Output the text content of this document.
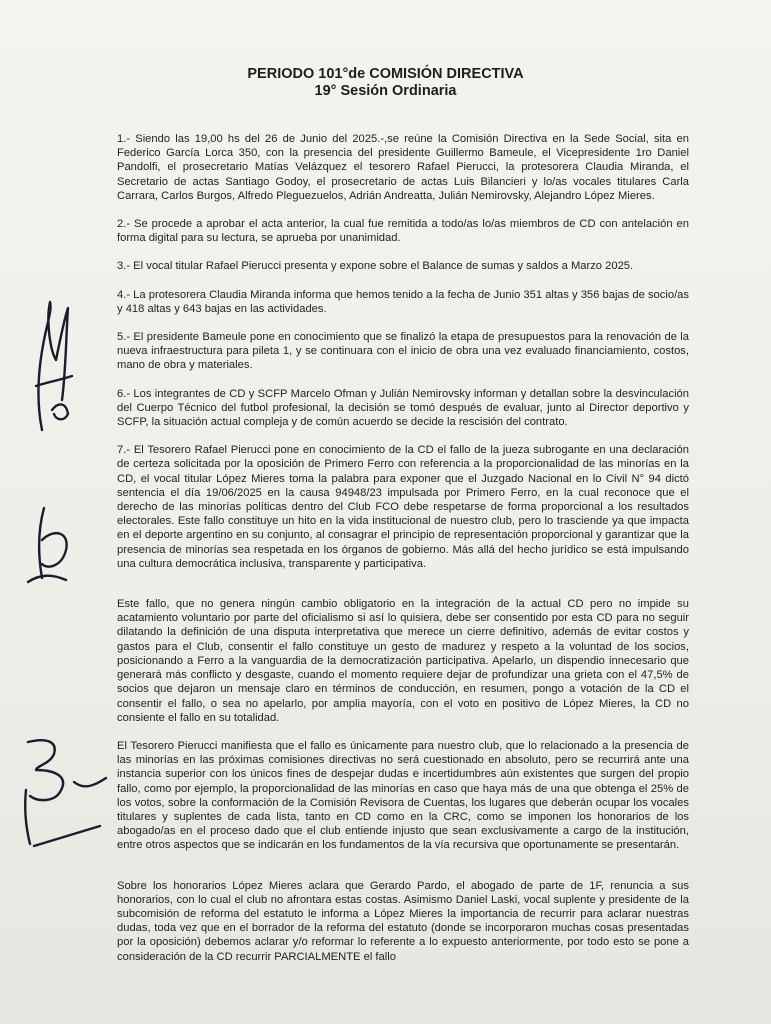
PERIODO 101°de COMISIÓN DIRECTIVA
19° Sesión Ordinaria

1.- Siendo las 19,00 hs del 26 de Junio del 2025.-,se reúne la Comisión Directiva en la Sede Social, sita en Federico García Lorca 350, con la presencia del presidente Guillermo Bameule, el Vicepresidente 1ro Daniel Pandolfi, el prosecretario Matías Velázquez el tesorero Rafael Pierucci, la protesorera Claudia Miranda, el Secretario de actas Santiago Godoy, el prosecretario de actas Luis Bilancieri y lo/as vocales titulares Carla Carrara, Carlos Burgos, Alfredo Pleguezuelos, Adrián Andreatta, Julián Nemirovsky, Alejandro López Mieres.

2.- Se procede a aprobar el acta anterior, la cual fue remitida a todo/as lo/as miembros de CD con antelación en forma digital para su lectura, se aprueba por unanimidad.

3.- El vocal titular Rafael Pierucci presenta y expone sobre el Balance de sumas y saldos a Marzo 2025.

4.- La protesorera Claudia Miranda informa que hemos tenido a la fecha de Junio 351 altas y 356 bajas de socio/as y 418 altas y 643 bajas en las actividades.

5.- El presidente Bameule pone en conocimiento que se finalizó la etapa de presupuestos para la renovación de la nueva infraestructura para pileta 1, y se continuara con el inicio de obra una vez evaluado financiamiento, costos, mano de obra y materiales.

6.- Los integrantes de CD y SCFP Marcelo Ofman y Julián Nemirovsky informan y detallan sobre la desvinculación del Cuerpo Técnico del futbol profesional, la decisión se tomó después de evaluar, junto al Director deportivo y SCFP, la situación actual compleja y de común acuerdo se decide la rescisión del contrato.

7.- El Tesorero Rafael Pierucci pone en conocimiento de la CD el fallo de la jueza subrogante en una declaración de certeza solicitada por la oposición de Primero Ferro con referencia a la proporcionalidad de las minorías en la CD, el vocal titular López Mieres toma la palabra para exponer que el Juzgado Nacional en lo Civil N° 94 dictó sentencia el día 19/06/2025 en la causa 94948/23 impulsada por Primero Ferro, en la cual reconoce que el derecho de las minorías políticas dentro del Club FCO debe respetarse de forma proporcional a los resultados electorales. Este fallo constituye un hito en la vida institucional de nuestro club, pero lo trasciende ya que impacta en el deporte argentino en su conjunto, al consagrar el principio de representación proporcional y garantizar que la presencia de minorías sea respetada en los órganos de gobierno. Más allá del hecho jurídico se está impulsando una cultura democrática inclusiva, transparente y participativa.

Este fallo, que no genera ningún cambio obligatorio en la integración de la actual CD pero no impide su acatamiento voluntario por parte del oficialismo si así lo quisiera, debe ser consentido por esta CD para no seguir dilatando la definición de una disputa interpretativa que merece un cierre definitivo, además de evitar costos y gastos para el Club, consentir el fallo constituye un gesto de madurez y respeto a la voluntad de los socios, posicionando a Ferro a la vanguardia de la democratización participativa. Apelarlo, un dispendio innecesario que generará más conflicto y desgaste, cuando el momento requiere dejar de profundizar una grieta con el 47,5% de socios que dejaron un mensaje claro en términos de conducción, en resumen, pongo a votación de la CD el consentir el fallo, o sea no apelarlo, por amplia mayoría, con el voto en positivo de López Mieres, la CD no consiente el fallo en su totalidad.

El Tesorero Pierucci manifiesta que el fallo es únicamente para nuestro club, que lo relacionado a la presencia de las minorías en las próximas comisiones directivas no será cuestionado en absoluto, pero se recurrirá ante una instancia superior con los únicos fines de despejar dudas e incertidumbres aún existentes que surgen del propio fallo, como por ejemplo, la proporcionalidad de las minorías en caso que haya más de una que obtenga el 25% de los votos, sobre la conformación de la Comisión Revisora de Cuentas, los lugares que deberán ocupar los vocales titulares y suplentes de cada lista, tanto en CD como en la CRC, como se imponen los honorarios de los abogado/as en el proceso dado que el club entiende injusto que sean exclusivamente a cargo de la institución, entre otros aspectos que se indicarán en los fundamentos de la vía recursiva que oportunamente se presentarán.

Sobre los honorarios López Mieres aclara que Gerardo Pardo, el abogado de parte de 1F, renuncia a sus honorarios, con lo cual el club no afrontara estas costas. Asimismo Daniel Laski, vocal suplente y presidente de la subcomisión de reforma del estatuto le informa a López Mieres la importancia de recurrir para aclarar nuestras dudas, toda vez que en el borrador de la reforma del estatuto (donde se incorporaron muchas cosas presentadas por la oposición) debemos aclarar y/o reformar lo referente a lo expuesto anteriormente, por todo esto se pone a consideración de la CD recurrir PARCIALMENTE el fallo
